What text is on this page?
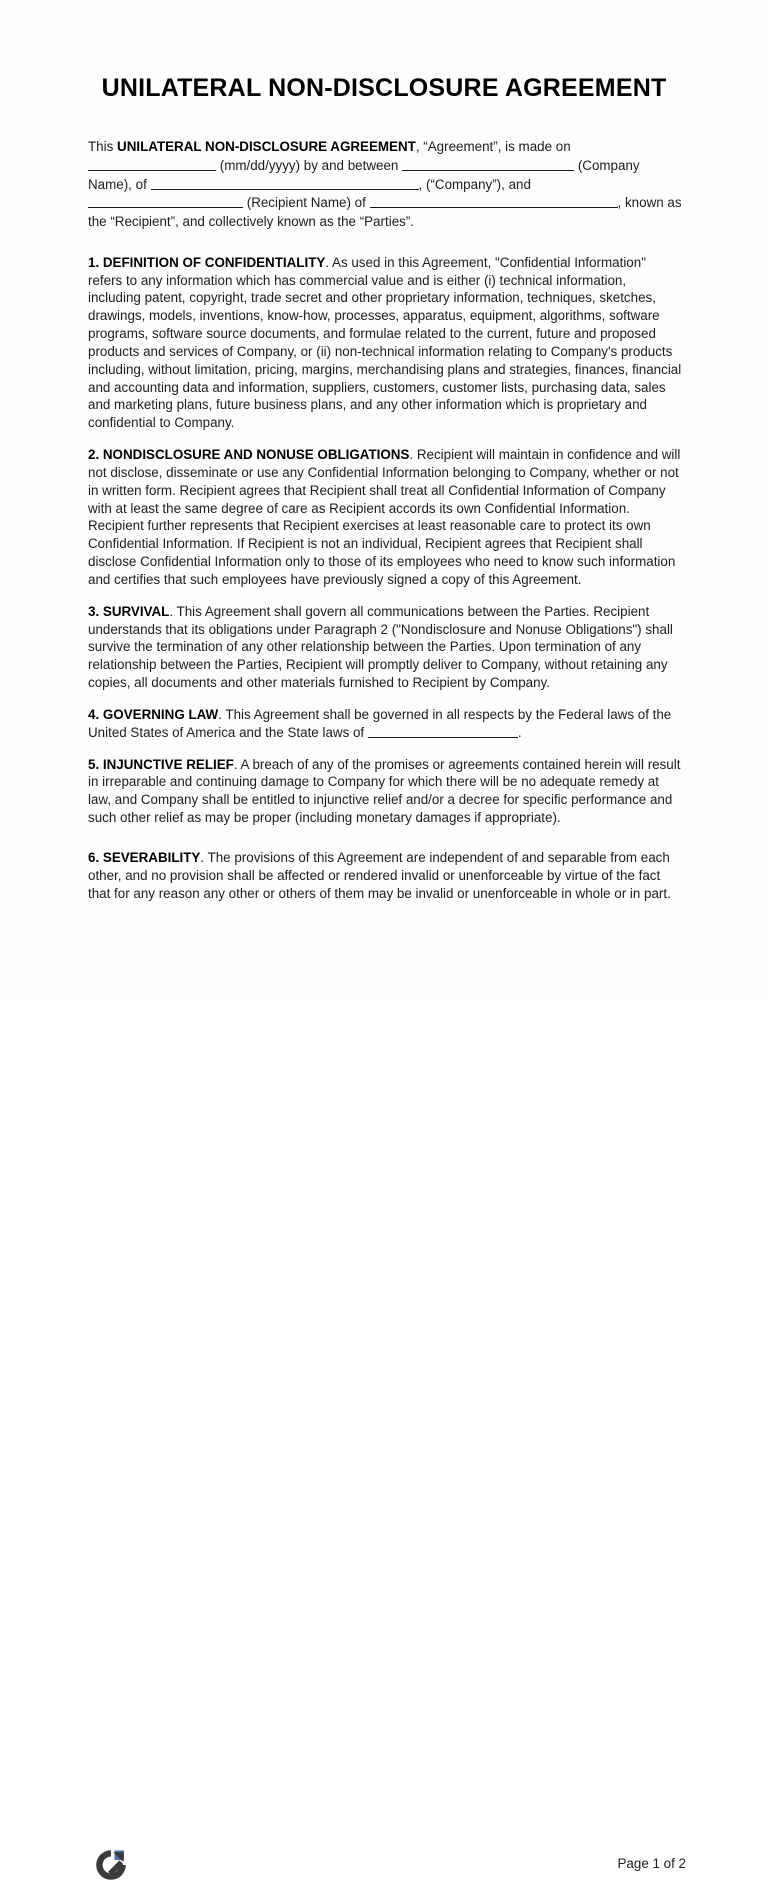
UNILATERAL NON-DISCLOSURE AGREEMENT

This UNILATERAL NON-DISCLOSURE AGREEMENT, “Agreement”, is made on  (mm/dd/yyyy) by and between	(Company Name), of	, (“Company”), and  (Recipient Name) of	, known as the “Recipient”, and collectively known as the “Parties”.

1. DEFINITION OF CONFIDENTIALITY. As used in this Agreement, "Confidential Information" refers to any information which has commercial value and is either (i) technical information, including patent, copyright, trade secret and other proprietary information, techniques, sketches, drawings, models, inventions, know-how, processes, apparatus, equipment, algorithms, software programs, software source documents, and formulae related to the current, future and proposed products and services of Company, or (ii) non-technical information relating to Company's products including, without limitation, pricing, margins, merchandising plans and strategies, finances, financial and accounting data and information, suppliers, customers, customer lists, purchasing data, sales and marketing plans, future business plans, and any other information which is proprietary and confidential to Company.

2. NONDISCLOSURE AND NONUSE OBLIGATIONS. Recipient will maintain in confidence and will not disclose, disseminate or use any Confidential Information belonging to Company, whether or not in written form. Recipient agrees that Recipient shall treat all Confidential Information of Company with at least the same degree of care as Recipient accords its own Confidential Information. Recipient further represents that Recipient exercises at least reasonable care to protect its own Confidential Information. If Recipient is not an individual, Recipient agrees that Recipient shall disclose Confidential Information only to those of its employees who need to know such information and certifies that such employees have previously signed a copy of this Agreement.

3. SURVIVAL. This Agreement shall govern all communications between the Parties. Recipient understands that its obligations under Paragraph 2 ("Nondisclosure and Nonuse Obligations") shall survive the termination of any other relationship between the Parties. Upon termination of any relationship between the Parties, Recipient will promptly deliver to Company, without retaining any copies, all documents and other materials furnished to Recipient by Company.

4. GOVERNING LAW. This Agreement shall be governed in all respects by the Federal laws of the United States of America and the State laws of	.

5. INJUNCTIVE RELIEF. A breach of any of the promises or agreements contained herein will result in irreparable and continuing damage to Company for which there will be no adequate remedy at law, and Company shall be entitled to injunctive relief and/or a decree for specific performance and such other relief as may be proper (including monetary damages if appropriate).

6. SEVERABILITY. The provisions of this Agreement are independent of and separable from each other, and no provision shall be affected or rendered invalid or unenforceable by virtue of the fact that for any reason any other or others of them may be invalid or unenforceable in whole or in part.

Page 1 of 2
